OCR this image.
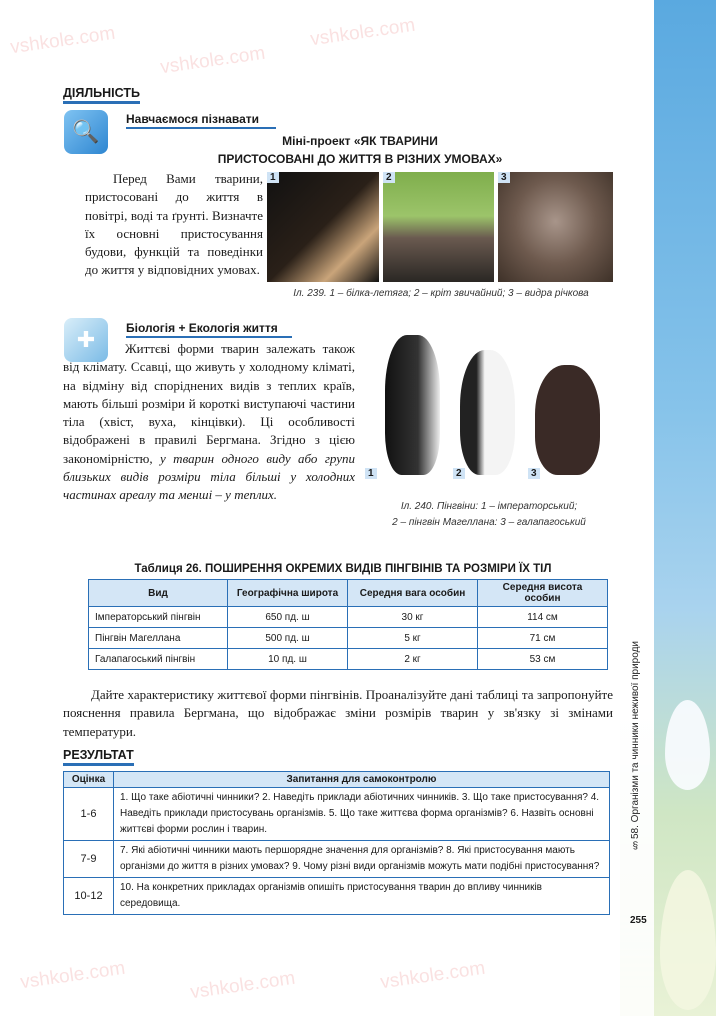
§58. Організми та чинники неживої природи
255
vshkole.com	vshkole.com
vshkole.com
vshkole.com	vshkole.com	vshkole.com
ДІЯЛЬНІСТЬ
🔍	Навчаємося пізнавати
Міні-проект «ЯК ТВАРИНИ
ПРИСТОСОВАНІ ДО ЖИТТЯ В РІЗНИХ УМОВАХ»

Перед Вами тварини, пристосовані до життя в повітрі, воді та ґрунті. Визначте їх основні пристосування будови, функцій та поведінки до життя у відповідних умовах.

1	2	3
Іл. 239. 1 – білка-летяга; 2 – кріт звичайний; 3 – видра річкова
✚	Біологія + Екологія життя

Життєві форми тварин залежать також від клімату. Ссавці, що живуть у холодному кліматі, на відміну від споріднених видів з теплих країв, мають більші розміри й короткі виступаючі частини тіла (хвіст, вуха, кінцівки). Ці особливості відображені в правилі Бергмана. Згідно з цією закономірністю, у тварин одного виду або групи близьких видів розміри тіла більші у холодних частинах ареалу та менші – у теплих.

1	2	3
Іл. 240. Пінгвіни: 1 – імператорський;
2 – пінгвін Магеллана: 3 – галапагоський
Таблиця 26. ПОШИРЕННЯ ОКРЕМИХ ВИДІВ ПІНГВІНІВ ТА РОЗМІРИ ЇХ ТІЛ
Вид	Географічна широта	Середня вага особин	Середня висота особин
Імператорський пінгвін	650 пд. ш	30 кг	114 см
Пінгвін Магеллана	500 пд. ш	5 кг	71 см
Галапагоський пінгвін	10 пд. ш	2 кг	53 см

Дайте характеристику життєвої форми пінгвінів. Проаналізуйте дані таблиці та запропонуйте пояснення правила Бергмана, що відображає зміни розмірів тварин у зв'язку зі змінами температури.

РЕЗУЛЬТАТ
Оцінка	Запитання для самоконтролю
1-6	1. Що таке абіотичні чинники? 2. Наведіть приклади абіотичних чинників. 3. Що таке пристосування? 4. Наведіть приклади пристосувань організмів. 5. Що таке життєва форма організмів? 6. Назвіть основні життєві форми рослин і тварин.
7-9	7. Які абіотичні чинники мають першорядне значення для організмів? 8. Які пристосування мають організми до життя в різних умовах? 9. Чому різні види організмів можуть мати подібні пристосування?
10-12	10. На конкретних прикладах організмів опишіть пристосування тварин до впливу чинників середовища.
